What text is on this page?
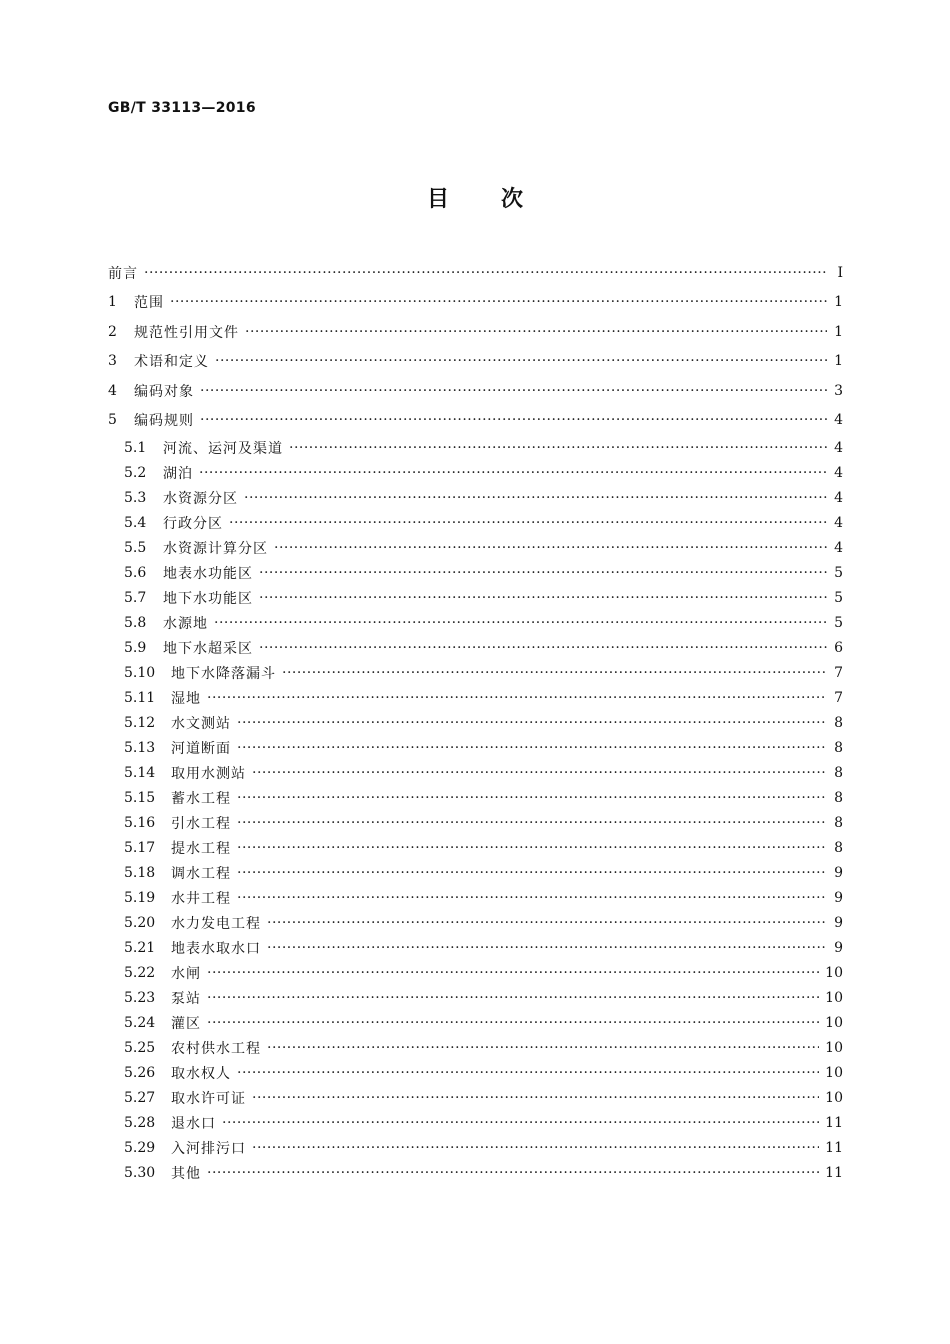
GB/T 33113—2016
目 次
前言 ·····	Ⅰ
1	范围 ·····	1
2	规范性引用文件 ·····	1
3	术语和定义 ·····	1
4	编码对象 ·····	3
5	编码规则 ·····	4
5.1	河流、运河及渠道 ·····	4
5.2	湖泊 ·····	4
5.3	水资源分区 ·····	4
5.4	行政分区 ·····	4
5.5	水资源计算分区 ·····	4
5.6	地表水功能区 ·····	5
5.7	地下水功能区 ·····	5
5.8	水源地 ·····	5
5.9	地下水超采区 ·····	6
5.10	地下水降落漏斗 ·····	7
5.11	湿地 ·····	7
5.12	水文测站 ·····	8
5.13	河道断面 ·····	8
5.14	取用水测站 ·····	8
5.15	蓄水工程 ·····	8
5.16	引水工程 ·····	8
5.17	提水工程 ·····	8
5.18	调水工程 ·····	9
5.19	水井工程 ·····	9
5.20	水力发电工程 ·····	9
5.21	地表水取水口 ·····	9
5.22	水闸 ·····	10
5.23	泵站 ·····	10
5.24	灌区 ·····	10
5.25	农村供水工程 ·····	10
5.26	取水权人 ·····	10
5.27	取水许可证 ·····	10
5.28	退水口 ·····	11
5.29	入河排污口 ·····	11
5.30	其他 ·····	11
